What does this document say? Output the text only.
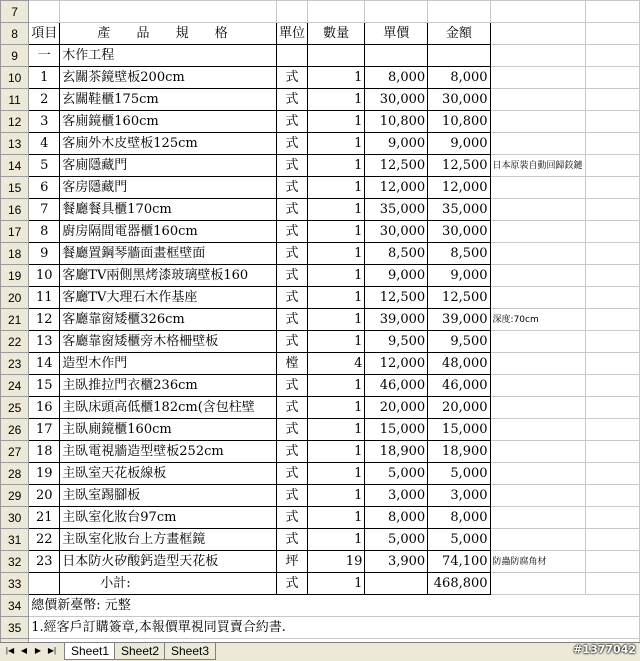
7								
8	項目	產 品 規 格	單位	數量	單價	金額		
9	一	木作工程						
10	1	玄關茶鏡壁板200cm	式	1	8,000	8,000		
11	2	玄關鞋櫃175cm	式	1	30,000	30,000		
12	3	客廁鏡櫃160cm	式	1	10,800	10,800		
13	4	客廁外木皮壁板125cm	式	1	9,000	9,000		
14	5	客廁隱藏門	式	1	12,500	12,500	日本原裝自動回歸鉸鏈	
15	6	客房隱藏門	式	1	12,000	12,000		
16	7	餐廳餐具櫃170cm	式	1	35,000	35,000		
17	8	廚房隔間電器櫃160cm	式	1	30,000	30,000		
18	9	餐廳置鋼琴牆面畫框壁面	式	1	8,500	8,500		
19	10	客廳TV兩側黑烤漆玻璃壁板160	式	1	9,000	9,000		
20	11	客廳TV大理石木作基座	式	1	12,500	12,500		
21	12	客廳靠窗矮櫃326cm	式	1	39,000	39,000	深度:70cm	
22	13	客廳靠窗矮櫃旁木格柵壁板	式	1	9,500	9,500		
23	14	造型木作門	樘	4	12,000	48,000		
24	15	主臥推拉門衣櫃236cm	式	1	46,000	46,000		
25	16	主臥床頭高低櫃182cm(含包柱壁	式	1	20,000	20,000		
26	17	主臥廁鏡櫃160cm	式	1	15,000	15,000		
27	18	主臥電視牆造型壁板252cm	式	1	18,900	18,900		
28	19	主臥室天花板線板	式	1	5,000	5,000		
29	20	主臥室踢腳板	式	1	3,000	3,000		
30	21	主臥室化妝台97cm	式	1	8,000	8,000		
31	22	主臥室化妝台上方畫框鏡	式	1	5,000	5,000		
32	23	日本防火矽酸鈣造型天花板	坪	19	3,900	74,100	防蟲防腐角材	
33		小計:	式	1		468,800		
34	總價新臺幣: 元整							
35	1.經客戶訂購簽章,本報價單視同買賣合約書.							

|◀ ◀ ▶ ▶|	Sheet1 Sheet2 Sheet3	#1377042
